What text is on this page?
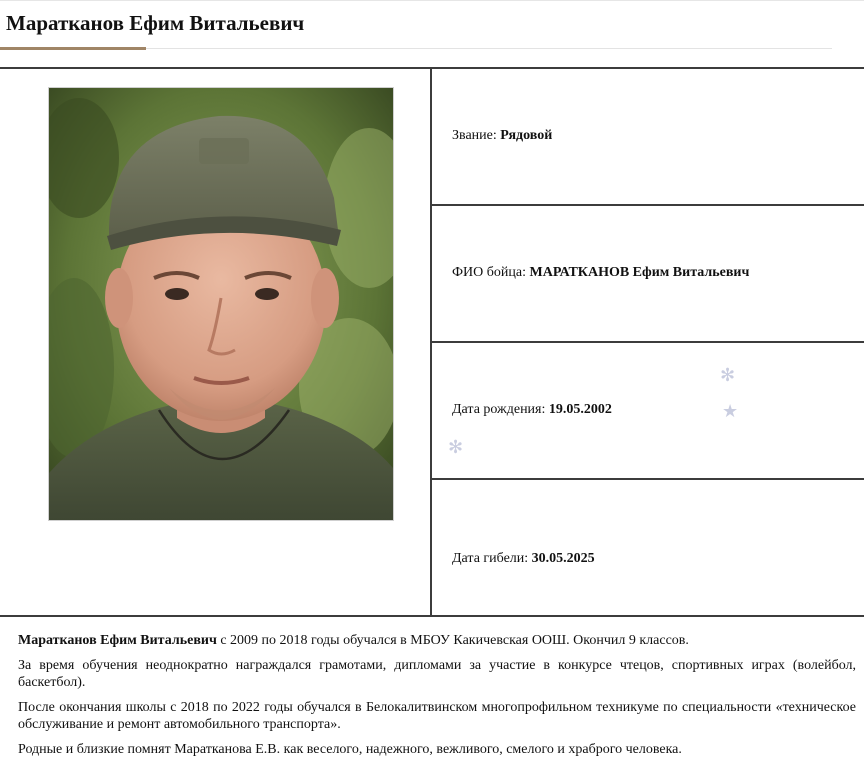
Маратканов Ефим Витальевич
Звание: Рядовой
ФИО бойца: МАРАТКАНОВ Ефим Витальевич
Дата рождения: 19.05.2002
✻
★
✻
Дата гибели: 30.05.2025

Маратканов Ефим Витальевич с 2009 по 2018 годы обучался в МБОУ Какичевская ООШ. Окончил 9 классов.

За время обучения неоднократно награждался грамотами, дипломами за участие в конкурсе чтецов, спортивных играх (волейбол, баскетбол).

После окончания школы с 2018 по 2022 годы обучался в Белокалитвинском многопрофильном техникуме по специальности «техническое обслуживание и ремонт автомобильного транспорта».

Родные и близкие помнят Маратканова Е.В. как веселого, надежного, вежливого, смелого и храброго человека.
